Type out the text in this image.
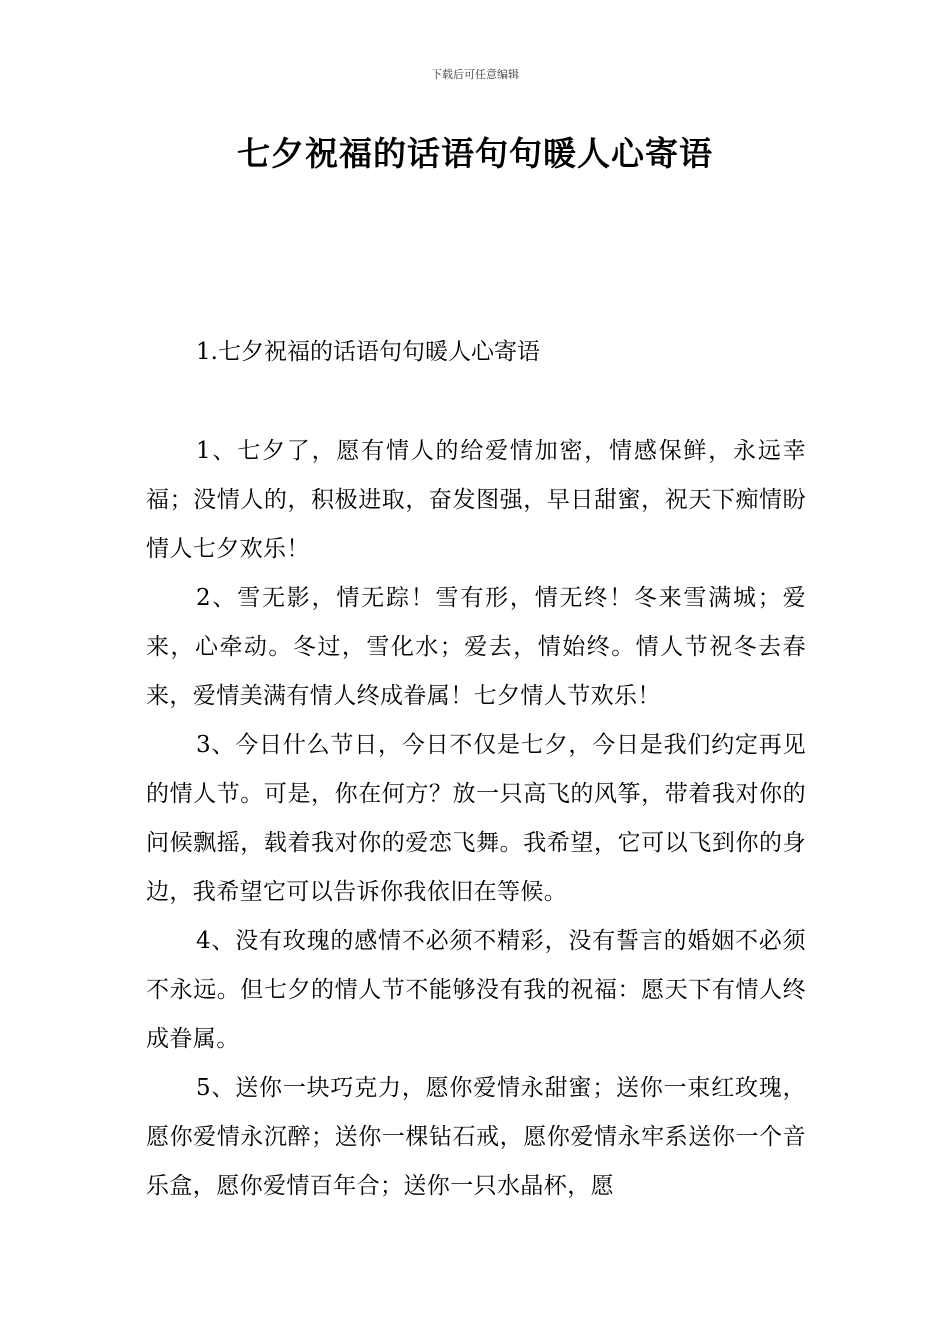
下载后可任意编辑
七夕祝福的话语句句暖人心寄语
1.七夕祝福的话语句句暖人心寄语

1、七夕了，愿有情人的给爱情加密，情感保鲜，永远幸福；没情人的，积极进取，奋发图强，早日甜蜜，祝天下痴情盼情人七夕欢乐！

2、雪无影，情无踪！雪有形，情无终！冬来雪满城；爱来，心牵动。冬过，雪化水；爱去，情始终。情人节祝冬去春来，爱情美满有情人终成眷属！七夕情人节欢乐！

3、今日什么节日，今日不仅是七夕，今日是我们约定再见的情人节。可是，你在何方？放一只高飞的风筝，带着我对你的问候飘摇，载着我对你的爱恋飞舞。我希望，它可以飞到你的身边，我希望它可以告诉你我依旧在等候。

4、没有玫瑰的感情不必须不精彩，没有誓言的婚姻不必须不永远。但七夕的情人节不能够没有我的祝福：愿天下有情人终成眷属。

5、送你一块巧克力，愿你爱情永甜蜜；送你一束红玫瑰，愿你爱情永沉醉；送你一棵钻石戒，愿你爱情永牢系送你一个音乐盒，愿你爱情百年合；送你一只水晶杯，愿
